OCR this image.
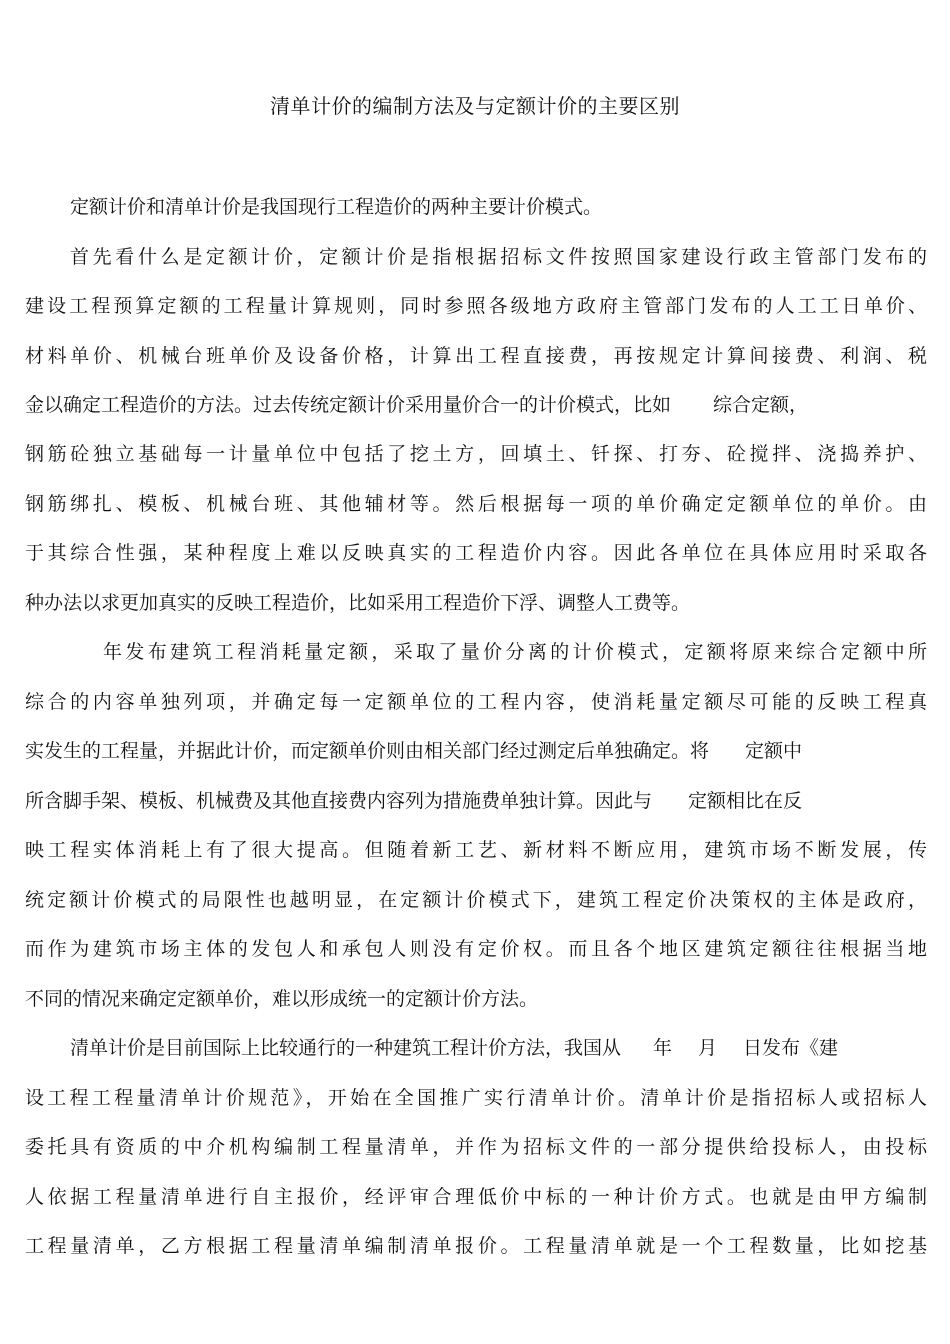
清单计价的编制方法及与定额计价的主要区别
定额计价和清单计价是我国现行工程造价的两种主要计价模式。
首先看什么是定额计价，定额计价是指根据招标文件按照国家建设行政主管部门发布的
建设工程预算定额的工程量计算规则，同时参照各级地方政府主管部门发布的人工工日单价、
材料单价、机械台班单价及设备价格，计算出工程直接费，再按规定计算间接费、利润、税
金以确定工程造价的方法。过去传统定额计价采用量价合一的计价模式，比如 综合定额，
钢筋砼独立基础每一计量单位中包括了挖土方，回填土、钎探、打夯、砼搅拌、浇捣养护、
钢筋绑扎、模板、机械台班、其他辅材等。然后根据每一项的单价确定定额单位的单价。由
于其综合性强，某种程度上难以反映真实的工程造价内容。因此各单位在具体应用时采取各
种办法以求更加真实的反映工程造价，比如采用工程造价下浮、调整人工费等。
年发布建筑工程消耗量定额，采取了量价分离的计价模式，定额将原来综合定额中所
综合的内容单独列项，并确定每一定额单位的工程内容，使消耗量定额尽可能的反映工程真
实发生的工程量，并据此计价，而定额单价则由相关部门经过测定后单独确定。将 定额中
所含脚手架、模板、机械费及其他直接费内容列为措施费单独计算。因此与 定额相比在反
映工程实体消耗上有了很大提高。但随着新工艺、新材料不断应用，建筑市场不断发展，传
统定额计价模式的局限性也越明显，在定额计价模式下，建筑工程定价决策权的主体是政府，
而作为建筑市场主体的发包人和承包人则没有定价权。而且各个地区建筑定额往往根据当地
不同的情况来确定定额单价，难以形成统一的定额计价方法。
清单计价是目前国际上比较通行的一种建筑工程计价方法，我国从 年 月 日发布《建
设工程工程量清单计价规范》，开始在全国推广实行清单计价。清单计价是指招标人或招标人
委托具有资质的中介机构编制工程量清单，并作为招标文件的一部分提供给投标人，由投标
人依据工程量清单进行自主报价，经评审合理低价中标的一种计价方式。也就是由甲方编制
工程量清单，乙方根据工程量清单编制清单报价。工程量清单就是一个工程数量，比如挖基
